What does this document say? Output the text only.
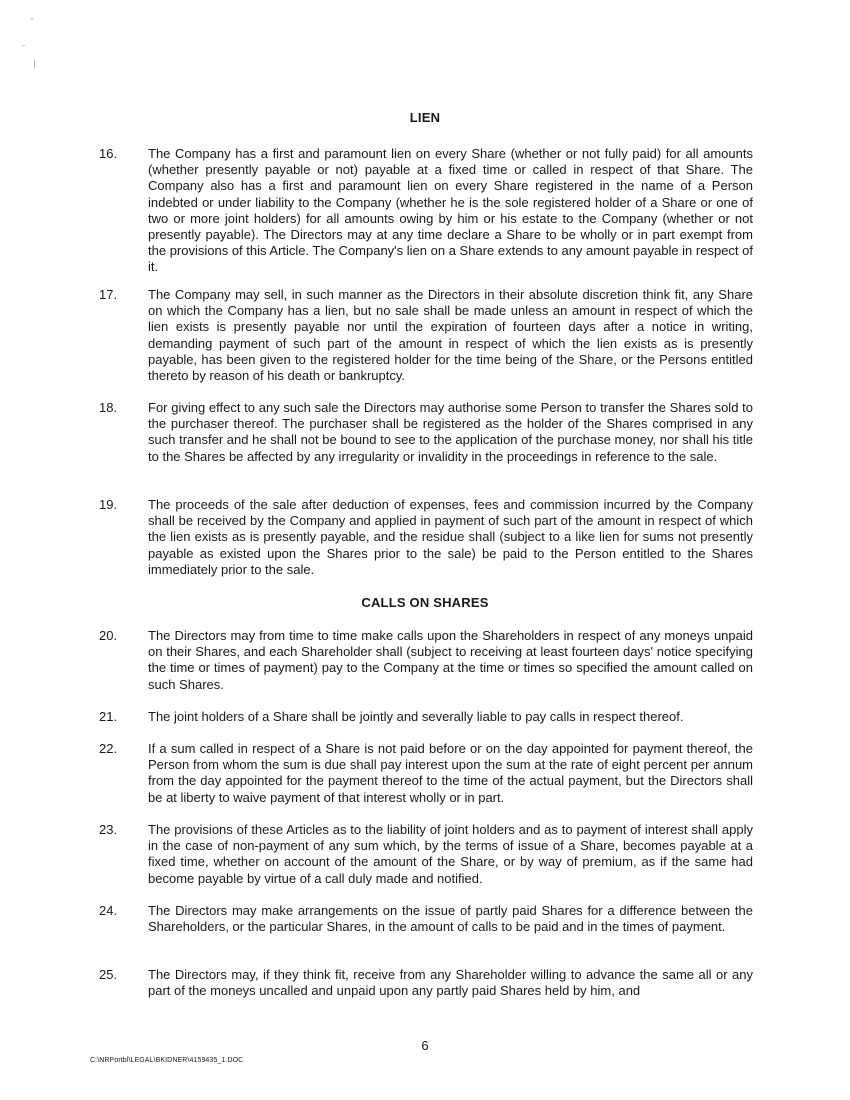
LIEN
16.	The Company has a first and paramount lien on every Share (whether or not fully paid) for all amounts (whether presently payable or not) payable at a fixed time or called in respect of that Share. The Company also has a first and paramount lien on every Share registered in the name of a Person indebted or under liability to the Company (whether he is the sole registered holder of a Share or one of two or more joint holders) for all amounts owing by him or his estate to the Company (whether or not presently payable). The Directors may at any time declare a Share to be wholly or in part exempt from the provisions of this Article. The Company's lien on a Share extends to any amount payable in respect of it.
17.	The Company may sell, in such manner as the Directors in their absolute discretion think fit, any Share on which the Company has a lien, but no sale shall be made unless an amount in respect of which the lien exists is presently payable nor until the expiration of fourteen days after a notice in writing, demanding payment of such part of the amount in respect of which the lien exists as is presently payable, has been given to the registered holder for the time being of the Share, or the Persons entitled thereto by reason of his death or bankruptcy.
18.	For giving effect to any such sale the Directors may authorise some Person to transfer the Shares sold to the purchaser thereof. The purchaser shall be registered as the holder of the Shares comprised in any such transfer and he shall not be bound to see to the application of the purchase money, nor shall his title to the Shares be affected by any irregularity or invalidity in the proceedings in reference to the sale.
19.	The proceeds of the sale after deduction of expenses, fees and commission incurred by the Company shall be received by the Company and applied in payment of such part of the amount in respect of which the lien exists as is presently payable, and the residue shall (subject to a like lien for sums not presently payable as existed upon the Shares prior to the sale) be paid to the Person entitled to the Shares immediately prior to the sale.
CALLS ON SHARES
20.	The Directors may from time to time make calls upon the Shareholders in respect of any moneys unpaid on their Shares, and each Shareholder shall (subject to receiving at least fourteen days' notice specifying the time or times of payment) pay to the Company at the time or times so specified the amount called on such Shares.
21.	The joint holders of a Share shall be jointly and severally liable to pay calls in respect thereof.
22.	If a sum called in respect of a Share is not paid before or on the day appointed for payment thereof, the Person from whom the sum is due shall pay interest upon the sum at the rate of eight percent per annum from the day appointed for the payment thereof to the time of the actual payment, but the Directors shall be at liberty to waive payment of that interest wholly or in part.
23.	The provisions of these Articles as to the liability of joint holders and as to payment of interest shall apply in the case of non-payment of any sum which, by the terms of issue of a Share, becomes payable at a fixed time, whether on account of the amount of the Share, or by way of premium, as if the same had become payable by virtue of a call duly made and notified.
24.	The Directors may make arrangements on the issue of partly paid Shares for a difference between the Shareholders, or the particular Shares, in the amount of calls to be paid and in the times of payment.
25.	The Directors may, if they think fit, receive from any Shareholder willing to advance the same all or any part of the moneys uncalled and unpaid upon any partly paid Shares held by him, and
6
C:\NRPortbl\LEGAL\BKIDNER\4159435_1.DOC
